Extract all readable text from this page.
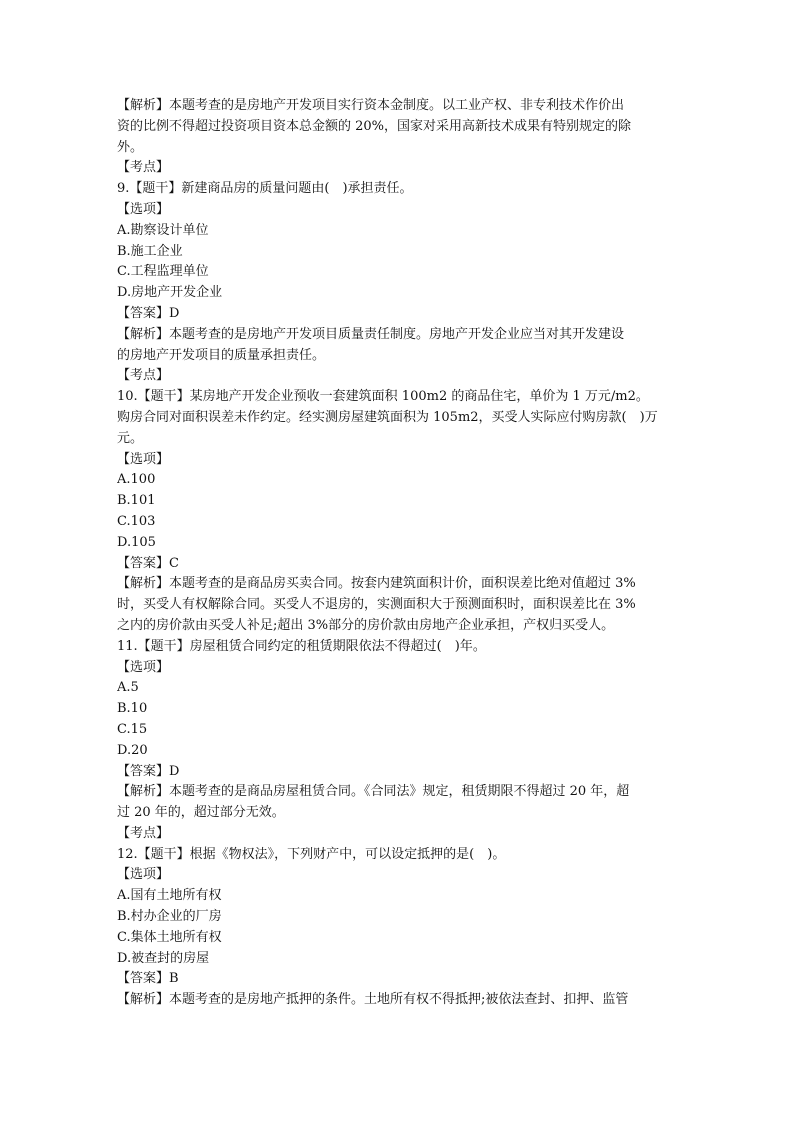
【解析】本题考查的是房地产开发项目实行资本金制度。以工业产权、非专利技术作价出
资的比例不得超过投资项目资本总金额的 20%，国家对采用高新技术成果有特别规定的除
外。
【考点】
9.【题干】新建商品房的质量问题由(　)承担责任。
【选项】
A.勘察设计单位
B.施工企业
C.工程监理单位
D.房地产开发企业
【答案】D
【解析】本题考查的是房地产开发项目质量责任制度。房地产开发企业应当对其开发建设
的房地产开发项目的质量承担责任。
【考点】
10.【题干】某房地产开发企业预收一套建筑面积 100m2 的商品住宅，单价为 1 万元/m2。
购房合同对面积误差未作约定。经实测房屋建筑面积为 105m2，买受人实际应付购房款(　)万
元。
【选项】
A.100
B.101
C.103
D.105
【答案】C
【解析】本题考查的是商品房买卖合同。按套内建筑面积计价，面积误差比绝对值超过 3%
时，买受人有权解除合同。买受人不退房的，实测面积大于预测面积时，面积误差比在 3%
之内的房价款由买受人补足;超出 3%部分的房价款由房地产企业承担，产权归买受人。
11.【题干】房屋租赁合同约定的租赁期限依法不得超过(　)年。
【选项】
A.5
B.10
C.15
D.20
【答案】D
【解析】本题考查的是商品房屋租赁合同。《合同法》规定，租赁期限不得超过 20 年，超
过 20 年的，超过部分无效。
【考点】
12.【题干】根据《物权法》，下列财产中，可以设定抵押的是(　)。
【选项】
A.国有土地所有权
B.村办企业的厂房
C.集体土地所有权
D.被查封的房屋
【答案】B
【解析】本题考查的是房地产抵押的条件。土地所有权不得抵押;被依法查封、扣押、监管
